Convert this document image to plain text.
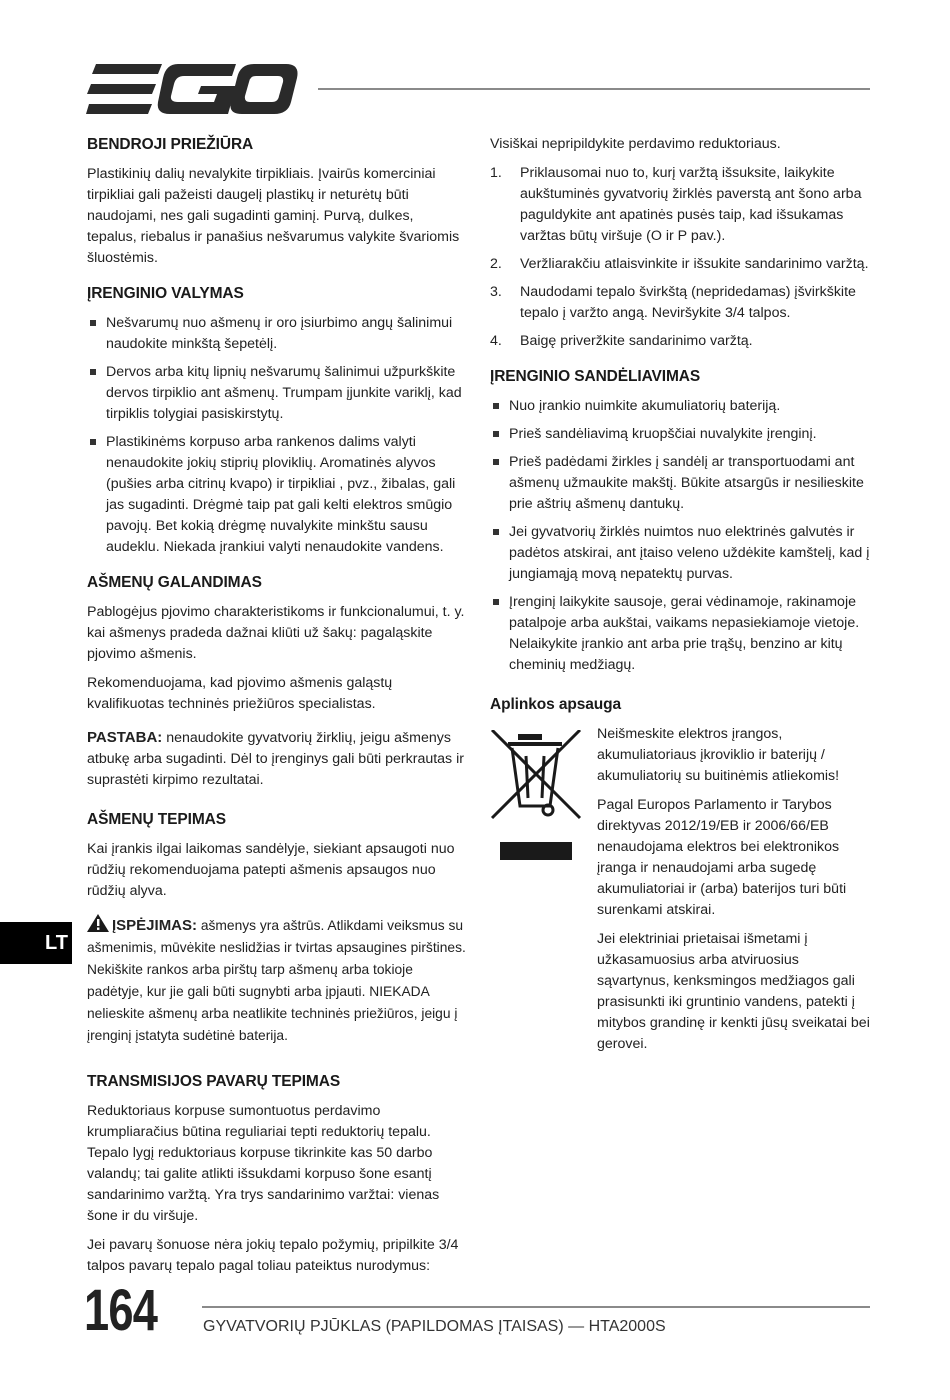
BENDROJI PRIEŽIŪRA

Plastikinių dalių nevalykite tirpikliais. Įvairūs komerciniai tirpikliai gali pažeisti daugelį plastikų ir neturėtų būti naudojami, nes gali sugadinti gaminį. Purvą, dulkes, tepalus, riebalus ir panašius nešvarumus valykite švariomis šluostėmis.

ĮRENGINIO VALYMAS
Nešvarumų nuo ašmenų ir oro įsiurbimo angų šalinimui naudokite minkštą šepetėlį.
Dervos arba kitų lipnių nešvarumų šalinimui užpurkškite dervos tirpiklio ant ašmenų. Trumpam įjunkite variklį, kad tirpiklis tolygiai pasiskirstytų.
Plastikinėms korpuso arba rankenos dalims valyti nenaudokite jokių stiprių ploviklių. Aromatinės alyvos (pušies arba citrinų kvapo) ir tirpikliai , pvz., žibalas, gali jas sugadinti. Drėgmė taip pat gali kelti elektros smūgio pavojų. Bet kokią drėgmę nuvalykite minkštu sausu audeklu. Niekada įrankiui valyti nenaudokite vandens.
AŠMENŲ GALANDIMAS

Pablogėjus pjovimo charakteristikoms ir funkcionalumui, t. y. kai ašmenys pradeda dažnai kliūti už šakų: pagaląskite pjovimo ašmenis.

Rekomenduojama, kad pjovimo ašmenis galąstų kvalifikuotas techninės priežiūros specialistas.

PASTABA: nenaudokite gyvatvorių žirklių, jeigu ašmenys atbukę arba sugadinti. Dėl to įrenginys gali būti perkrautas ir suprastėti kirpimo rezultatai.

AŠMENŲ TEPIMAS

Kai įrankis ilgai laikomas sandėlyje, siekiant apsaugoti nuo rūdžių rekomenduojama patepti ašmenis apsaugos nuo rūdžių alyva.

ĮSPĖJIMAS: ašmenys yra aštrūs. Atlikdami veiksmus su ašmenimis, mūvėkite neslidžias ir tvirtas apsaugines pirštines. Nekiškite rankos arba pirštų tarp ašmenų arba tokioje padėtyje, kur jie gali būti sugnybti arba įpjauti. NIEKADA nelieskite ašmenų arba neatlikite techninės priežiūros, jeigu į įrenginį įstatyta sudėtinė baterija.

TRANSMISIJOS PAVARŲ TEPIMAS

Reduktoriaus korpuse sumontuotus perdavimo krumpliaračius būtina reguliariai tepti reduktorių tepalu. Tepalo lygį reduktoriaus korpuse tikrinkite kas 50 darbo valandų; tai galite atlikti išsukdami korpuso šone esantį sandarinimo varžtą. Yra trys sandarinimo varžtai: vienas šone ir du viršuje.

Jei pavarų šonuose nėra jokių tepalo požymių, pripilkite 3/4 talpos pavarų tepalo pagal toliau pateiktus nurodymus:

Visiškai nepripildykite perdavimo reduktoriaus.

1. Priklausomai nuo to, kurį varžtą išsuksite, laikykite aukštuminės gyvatvorių žirklės paverstą ant šono arba paguldykite ant apatinės pusės taip, kad išsukamas varžtas būtų viršuje (O ir P pav.).
2. Veržliarakčiu atlaisvinkite ir išsukite sandarinimo varžtą.
3. Naudodami tepalo švirkštą (nepridedamas) įšvirkškite tepalo į varžto angą. Neviršykite 3/4 talpos.
4. Baigę priveržkite sandarinimo varžtą.
ĮRENGINIO SANDĖLIAVIMAS
Nuo įrankio nuimkite akumuliatorių bateriją.
Prieš sandėliavimą kruopščiai nuvalykite įrenginį.
Prieš padėdami žirkles į sandėlį ar transportuodami ant ašmenų užmaukite makštį. Būkite atsargūs ir nesilieskite prie aštrių ašmenų dantukų.
Jei gyvatvorių žirklės nuimtos nuo elektrinės galvutės ir padėtos atskirai, ant įtaiso veleno uždėkite kamštelį, kad į jungiamąją movą nepatektų purvas.
Įrenginį laikykite sausoje, gerai vėdinamoje, rakinamoje patalpoje arba aukštai, vaikams nepasiekiamoje vietoje. Nelaikykite įrankio ant arba prie trąšų, benzino ar kitų cheminių medžiagų.
Aplinkos apsauga

Neišmeskite elektros įrangos, akumuliatoriaus įkroviklio ir baterijų / akumuliatorių su buitinėmis atliekomis!

Pagal Europos Parlamento ir Tarybos direktyvas 2012/19/EB ir 2006/66/EB nenaudojama elektros bei elektronikos įranga ir nenaudojami arba sugedę akumuliatoriai ir (arba) baterijos turi būti surenkami atskirai.

Jei elektriniai prietaisai išmetami į užkasamuosius arba atviruosius sąvartynus, kenksmingos medžiagos gali prasisunkti iki gruntinio vandens, patekti į mitybos grandinę ir kenkti jūsų sveikatai bei gerovei.

LT
164	GYVATVORIŲ PJŪKLAS (PAPILDOMAS ĮTAISAS) — HTA2000S
